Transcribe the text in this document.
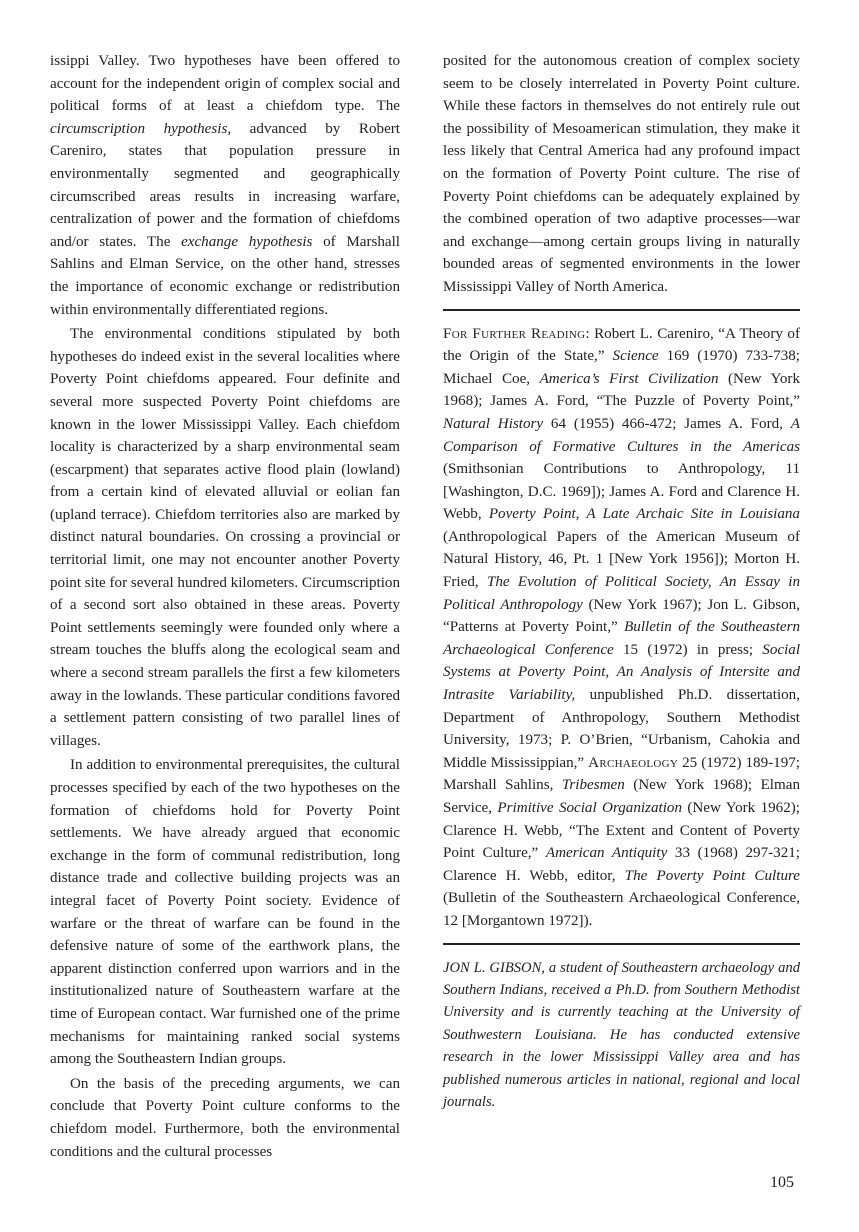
issippi Valley. Two hypotheses have been offered to account for the independent origin of complex social and political forms of at least a chiefdom type. The circumscription hypothesis, advanced by Robert Careniro, states that population pressure in environmentally segmented and geographically circumscribed areas results in increasing warfare, centralization of power and the formation of chiefdoms and/or states. The exchange hypothesis of Marshall Sahlins and Elman Service, on the other hand, stresses the importance of economic exchange or redistribution within environmentally differentiated regions.

The environmental conditions stipulated by both hypotheses do indeed exist in the several localities where Poverty Point chiefdoms appeared. Four definite and several more suspected Poverty Point chiefdoms are known in the lower Mississippi Valley. Each chiefdom locality is characterized by a sharp environmental seam (escarpment) that separates active flood plain (lowland) from a certain kind of elevated alluvial or eolian fan (upland terrace). Chiefdom territories also are marked by distinct natural boundaries. On crossing a provincial or territorial limit, one may not encounter another Poverty point site for several hundred kilometers. Circumscription of a second sort also obtained in these areas. Poverty Point settlements seemingly were founded only where a stream touches the bluffs along the ecological seam and where a second stream parallels the first a few kilometers away in the lowlands. These particular conditions favored a settlement pattern consisting of two parallel lines of villages.

In addition to environmental prerequisites, the cultural processes specified by each of the two hypotheses on the formation of chiefdoms hold for Poverty Point settlements. We have already argued that economic exchange in the form of communal redistribution, long distance trade and collective building projects was an integral facet of Poverty Point society. Evidence of warfare or the threat of warfare can be found in the defensive nature of some of the earthwork plans, the apparent distinction conferred upon warriors and in the institutionalized nature of Southeastern warfare at the time of European contact. War furnished one of the prime mechanisms for maintaining ranked social systems among the Southeastern Indian groups.

On the basis of the preceding arguments, we can conclude that Poverty Point culture conforms to the chiefdom model. Furthermore, both the environmental conditions and the cultural processes

posited for the autonomous creation of complex society seem to be closely interrelated in Poverty Point culture. While these factors in themselves do not entirely rule out the possibility of Mesoamerican stimulation, they make it less likely that Central America had any profound impact on the formation of Poverty Point culture. The rise of Poverty Point chiefdoms can be adequately explained by the combined operation of two adaptive processes—war and exchange—among certain groups living in naturally bounded areas of segmented environments in the lower Mississippi Valley of North America.

For Further Reading: Robert L. Careniro, “A Theory of the Origin of the State,” Science 169 (1970) 733-738; Michael Coe, America’s First Civilization (New York 1968); James A. Ford, “The Puzzle of Poverty Point,” Natural History 64 (1955) 466-472; James A. Ford, A Comparison of Formative Cultures in the Americas (Smithsonian Contributions to Anthropology, 11 [Washington, D.C. 1969]); James A. Ford and Clarence H. Webb, Poverty Point, A Late Archaic Site in Louisiana (Anthropological Papers of the American Museum of Natural History, 46, Pt. 1 [New York 1956]); Morton H. Fried, The Evolution of Political Society, An Essay in Political Anthropology (New York 1967); Jon L. Gibson, “Patterns at Poverty Point,” Bulletin of the Southeastern Archaeological Conference 15 (1972) in press; Social Systems at Poverty Point, An Analysis of Intersite and Intrasite Variability, unpublished Ph.D. dissertation, Department of Anthropology, Southern Methodist University, 1973; P. O’Brien, “Urbanism, Cahokia and Middle Mississippian,” Archaeology 25 (1972) 189-197; Marshall Sahlins, Tribesmen (New York 1968); Elman Service, Primitive Social Organization (New York 1962); Clarence H. Webb, “The Extent and Content of Poverty Point Culture,” American Antiquity 33 (1968) 297-321; Clarence H. Webb, editor, The Poverty Point Culture (Bulletin of the Southeastern Archaeological Conference, 12 [Morgantown 1972]).
JON L. GIBSON, a student of Southeastern archaeology and Southern Indians, received a Ph.D. from Southern Methodist University and is currently teaching at the University of Southwestern Louisiana. He has conducted extensive research in the lower Mississippi Valley area and has published numerous articles in national, regional and local journals.
105
